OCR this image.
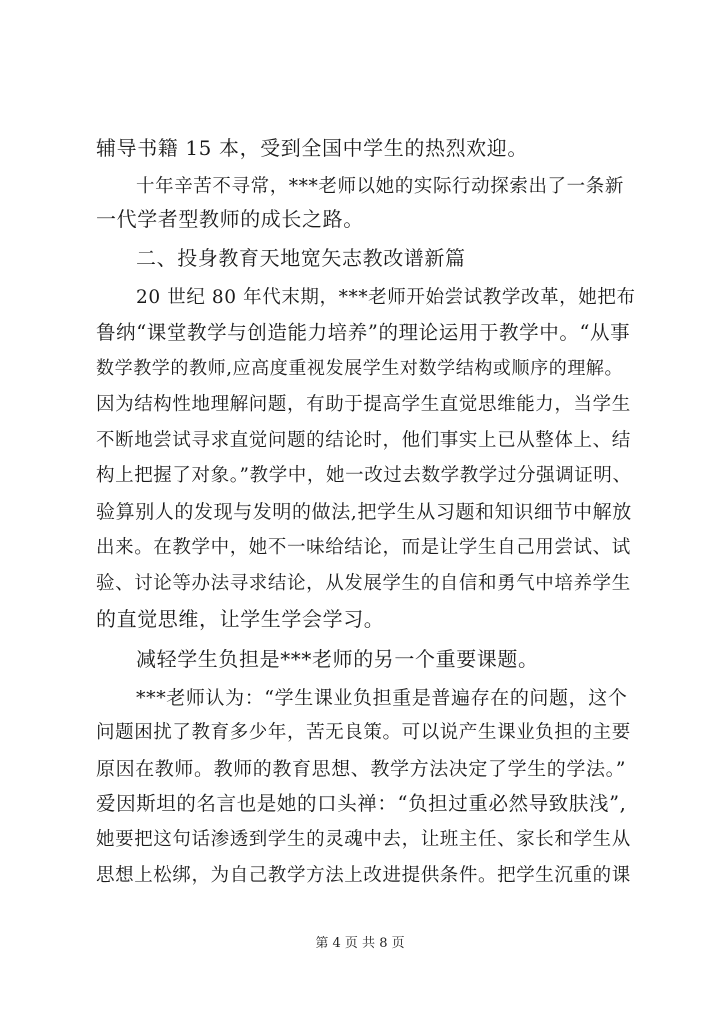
辅导书籍 15 本，受到全国中学生的热烈欢迎。
十年辛苦不寻常，***老师以她的实际行动探索出了一条新
一代学者型教师的成长之路。
二、投身教育天地宽矢志教改谱新篇
20 世纪 80 年代末期，***老师开始尝试教学改革，她把布
鲁纳“课堂教学与创造能力培养”的理论运用于教学中。“从事
数学教学的教师,应高度重视发展学生对数学结构或顺序的理解。
因为结构性地理解问题，有助于提高学生直觉思维能力，当学生
不断地尝试寻求直觉问题的结论时，他们事实上已从整体上、结
构上把握了对象。”教学中，她一改过去数学教学过分强调证明、
验算别人的发现与发明的做法,把学生从习题和知识细节中解放
出来。在教学中，她不一味给结论，而是让学生自己用尝试、试
验、讨论等办法寻求结论，从发展学生的自信和勇气中培养学生
的直觉思维，让学生学会学习。
减轻学生负担是***老师的另一个重要课题。
***老师认为：“学生课业负担重是普遍存在的问题，这个
问题困扰了教育多少年，苦无良策。可以说产生课业负担的主要
原因在教师。教师的教育思想、教学方法决定了学生的学法。”
爱因斯坦的名言也是她的口头禅：“负担过重必然导致肤浅”,
她要把这句话渗透到学生的灵魂中去，让班主任、家长和学生从
思想上松绑，为自己教学方法上改进提供条件。把学生沉重的课
第 4 页 共 8 页
